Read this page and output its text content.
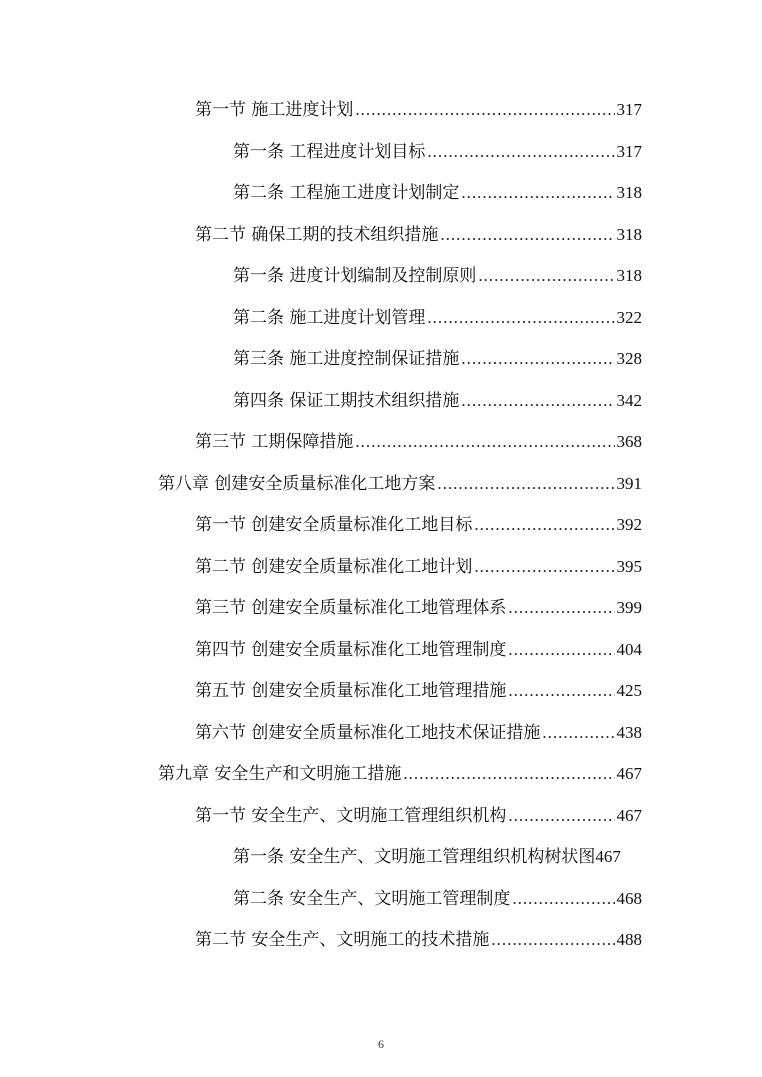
第一节 施工进度计划 .....	317
第一条 工程进度计划目标 .....	317
第二条 工程施工进度计划制定 .....	318
第二节 确保工期的技术组织措施 .....	318
第一条 进度计划编制及控制原则 .....	318
第二条 施工进度计划管理 .....	322
第三条 施工进度控制保证措施 .....	328
第四条 保证工期技术组织措施 .....	342
第三节 工期保障措施 .....	368
第八章 创建安全质量标准化工地方案 .....	391
第一节 创建安全质量标准化工地目标 .....	392
第二节 创建安全质量标准化工地计划 .....	395
第三节 创建安全质量标准化工地管理体系 .....	399
第四节 创建安全质量标准化工地管理制度 .....	404
第五节 创建安全质量标准化工地管理措施 .....	425
第六节 创建安全质量标准化工地技术保证措施 .....	438
第九章 安全生产和文明施工措施 .....	467
第一节 安全生产、文明施工管理组织机构 .....	467
第一条 安全生产、文明施工管理组织机构树状图 467
第二条 安全生产、文明施工管理制度 .....	468
第二节 安全生产、文明施工的技术措施 .....	488
6
